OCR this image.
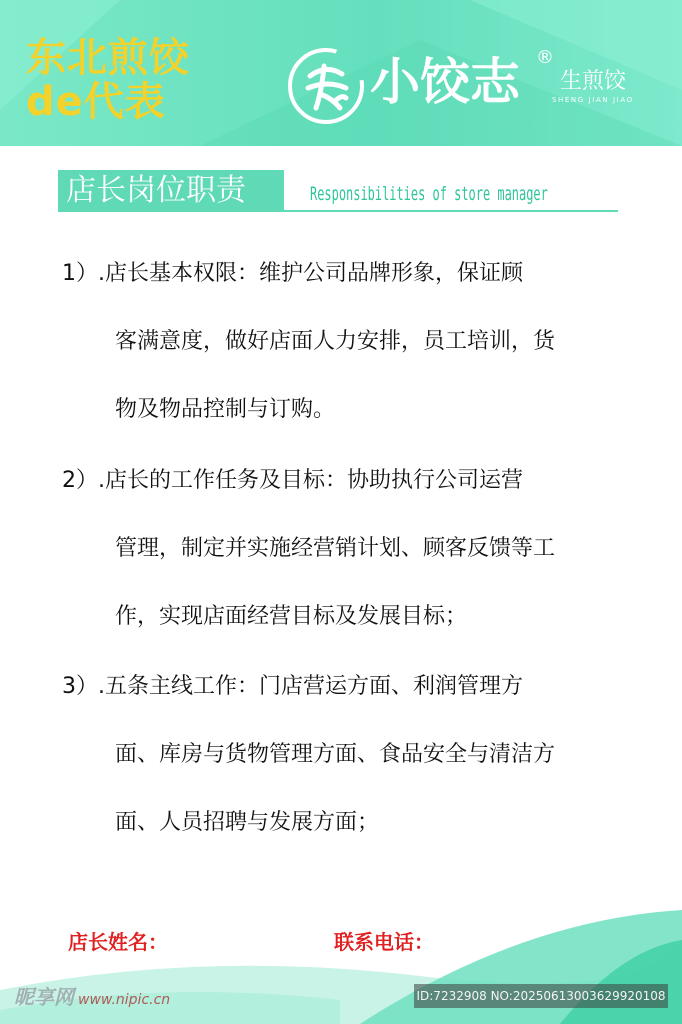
东北煎饺
de代表	小饺志 ®
生煎饺
SHENG JIAN JIAO
店长岗位职责	Responsibilities of store manager
1）.店长基本权限：维护公司品牌形象，保证顾
客满意度，做好店面人力安排，员工培训，货
物及物品控制与订购。
2）.店长的工作任务及目标：协助执行公司运营
管理，制定并实施经营销计划、顾客反馈等工
作，实现店面经营目标及发展目标；
3）.五条主线工作：门店营运方面、利润管理方
面、库房与货物管理方面、食品安全与清洁方
面、人员招聘与发展方面；
店长姓名：	联系电话：
昵享网 www.nipic.cn	ID:7232908 NO:20250613003629920108
